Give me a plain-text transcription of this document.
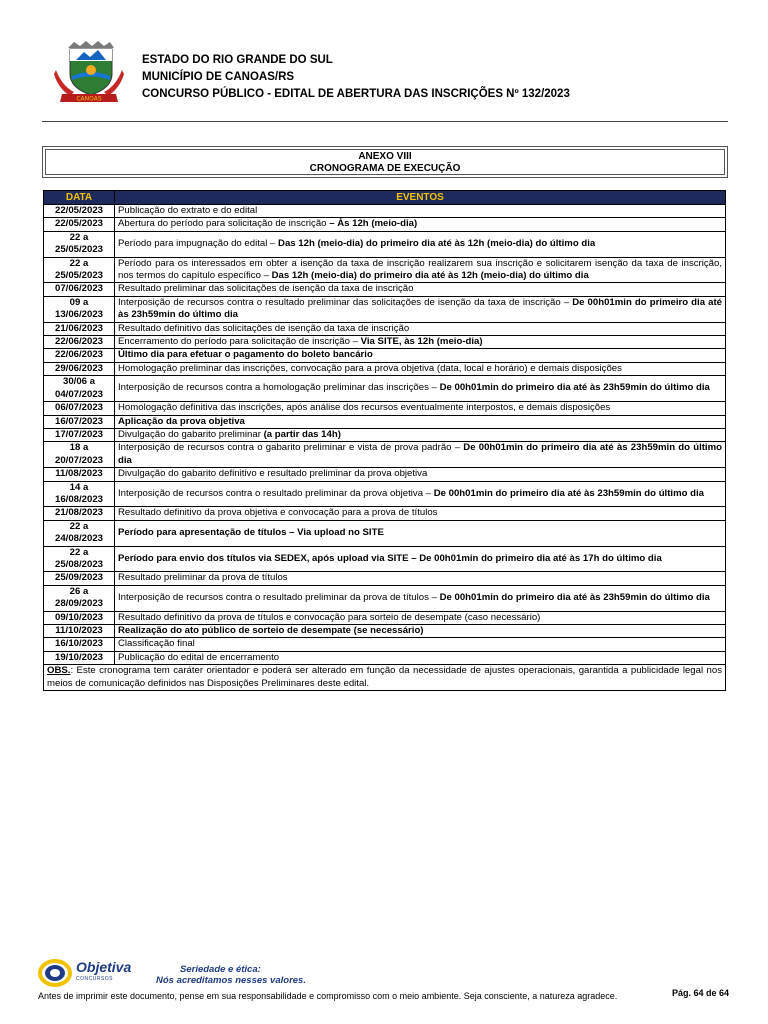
CANOAS
ESTADO DO RIO GRANDE DO SUL
MUNICÍPIO DE CANOAS/RS
CONCURSO PÚBLICO - EDITAL DE ABERTURA DAS INSCRIÇÕES Nº 132/2023
ANEXO VIII
CRONOGRAMA DE EXECUÇÃO
DATA	EVENTOS
22/05/2023	Publicação do extrato e do edital
22/05/2023	Abertura do período para solicitação de inscrição – Às 12h (meio-dia)
22 a 25/05/2023	Período para impugnação do edital – Das 12h (meio-dia) do primeiro dia até às 12h (meio-dia) do último dia
22 a 25/05/2023	Período para os interessados em obter a isenção da taxa de inscrição realizarem sua inscrição e solicitarem isenção da taxa de inscrição, nos termos do capítulo específico – Das 12h (meio-dia) do primeiro dia até às 12h (meio-dia) do último dia
07/06/2023	Resultado preliminar das solicitações de isenção da taxa de inscrição
09 a 13/06/2023	Interposição de recursos contra o resultado preliminar das solicitações de isenção da taxa de inscrição – De 00h01min do primeiro dia até às 23h59min do último dia
21/06/2023	Resultado definitivo das solicitações de isenção da taxa de inscrição
22/06/2023	Encerramento do período para solicitação de inscrição – Via SITE, às 12h (meio-dia)
22/06/2023	Último dia para efetuar o pagamento do boleto bancário
29/06/2023	Homologação preliminar das inscrições, convocação para a prova objetiva (data, local e horário) e demais disposições
30/06 a 04/07/2023	Interposição de recursos contra a homologação preliminar das inscrições – De 00h01min do primeiro dia até às 23h59min do último dia
06/07/2023	Homologação definitiva das inscrições, após análise dos recursos eventualmente interpostos, e demais disposições
16/07/2023	Aplicação da prova objetiva
17/07/2023	Divulgação do gabarito preliminar (a partir das 14h)
18 a 20/07/2023	Interposição de recursos contra o gabarito preliminar e vista de prova padrão – De 00h01min do primeiro dia até às 23h59min do último dia
11/08/2023	Divulgação do gabarito definitivo e resultado preliminar da prova objetiva
14 a 16/08/2023	Interposição de recursos contra o resultado preliminar da prova objetiva – De 00h01min do primeiro dia até às 23h59min do último dia
21/08/2023	Resultado definitivo da prova objetiva e convocação para a prova de títulos
22 a 24/08/2023	Período para apresentação de títulos – Via upload no SITE
22 a 25/08/2023	Período para envio dos títulos via SEDEX, após upload via SITE – De 00h01min do primeiro dia até às 17h do último dia
25/09/2023	Resultado preliminar da prova de títulos
26 a 28/09/2023	Interposição de recursos contra o resultado preliminar da prova de títulos – De 00h01min do primeiro dia até às 23h59min do último dia
09/10/2023	Resultado definitivo da prova de títulos e convocação para sorteio de desempate (caso necessário)
11/10/2023	Realização do ato público de sorteio de desempate (se necessário)
16/10/2023	Classificação final
19/10/2023	Publicação do edital de encerramento
OBS.: Este cronograma tem caráter orientador e poderá ser alterado em função da necessidade de ajustes operacionais, garantida a publicidade legal nos meios de comunicação definidos nas Disposições Preliminares deste edital.	
Objetiva
CONCURSOS
Seriedade e ética:
Nós acreditamos nesses valores.
Antes de imprimir este documento, pense em sua responsabilidade e compromisso com o meio ambiente. Seja consciente, a natureza agradece.	Pág. 64 de 64
